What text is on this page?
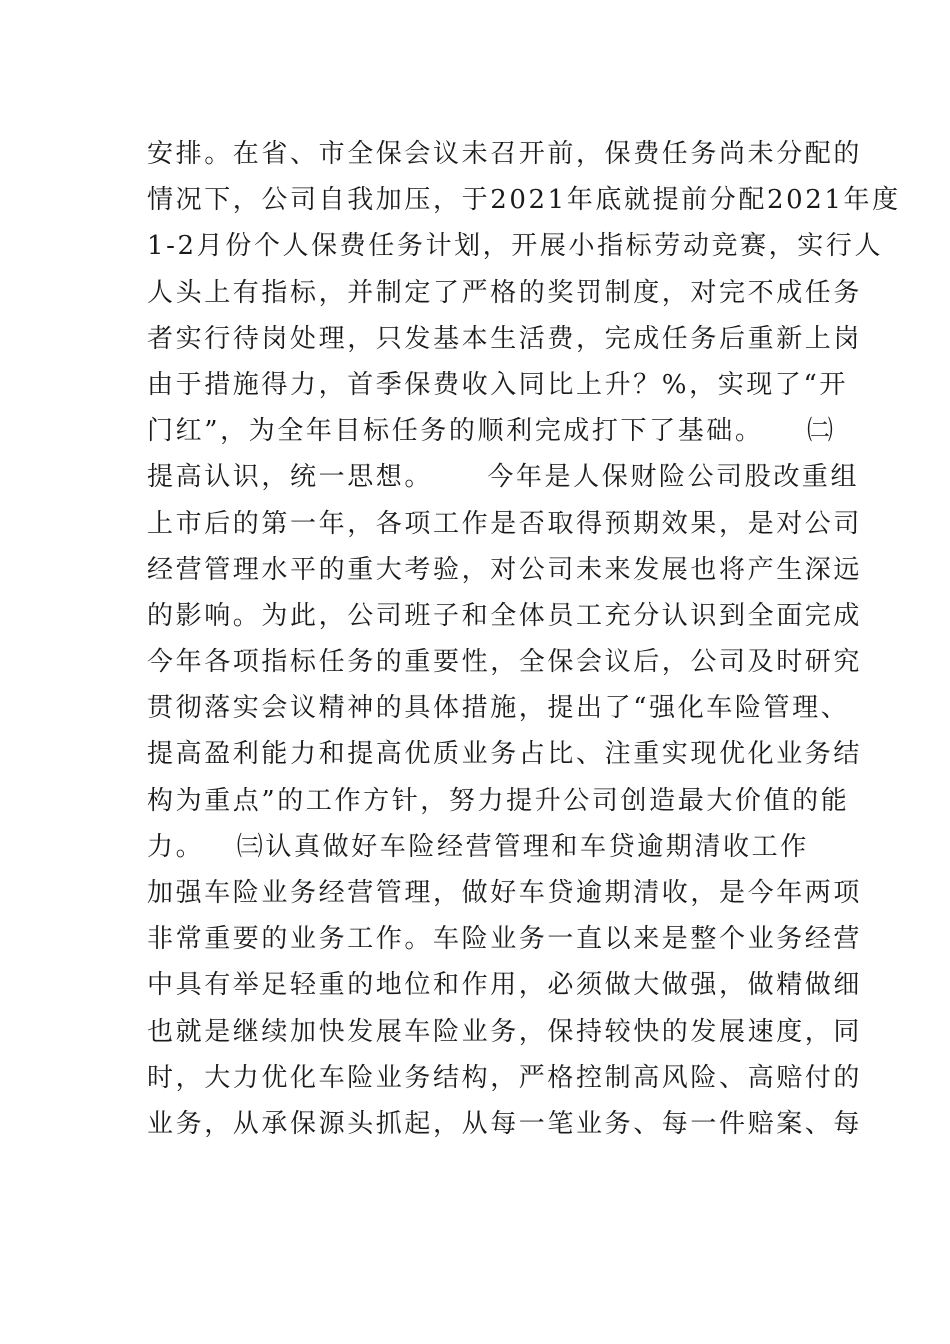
安排。在省、市全保会议未召开前，保费任务尚未分配的
情况下，公司自我加压，于2021年底就提前分配2021年度
1-2月份个人保费任务计划，开展小指标劳动竞赛，实行人
人头上有指标，并制定了严格的奖罚制度，对完不成任务
者实行待岗处理，只发基本生活费，完成任务后重新上岗
由于措施得力，首季保费收入同比上升？%，实现了“开
门红”，为全年目标任务的顺利完成打下了基础。    ㈡
提高认识，统一思想。     今年是人保财险公司股改重组
上市后的第一年，各项工作是否取得预期效果，是对公司
经营管理水平的重大考验，对公司未来发展也将产生深远
的影响。为此，公司班子和全体员工充分认识到全面完成
今年各项指标任务的重要性，全保会议后，公司及时研究
贯彻落实会议精神的具体措施，提出了“强化车险管理、
提高盈利能力和提高优质业务占比、注重实现优化业务结
构为重点”的工作方针，努力提升公司创造最大价值的能
力。   ㈢认真做好车险经营管理和车贷逾期清收工作
加强车险业务经营管理，做好车贷逾期清收，是今年两项
非常重要的业务工作。车险业务一直以来是整个业务经营
中具有举足轻重的地位和作用，必须做大做强，做精做细
也就是继续加快发展车险业务，保持较快的发展速度，同
时，大力优化车险业务结构，严格控制高风险、高赔付的
业务，从承保源头抓起，从每一笔业务、每一件赔案、每
